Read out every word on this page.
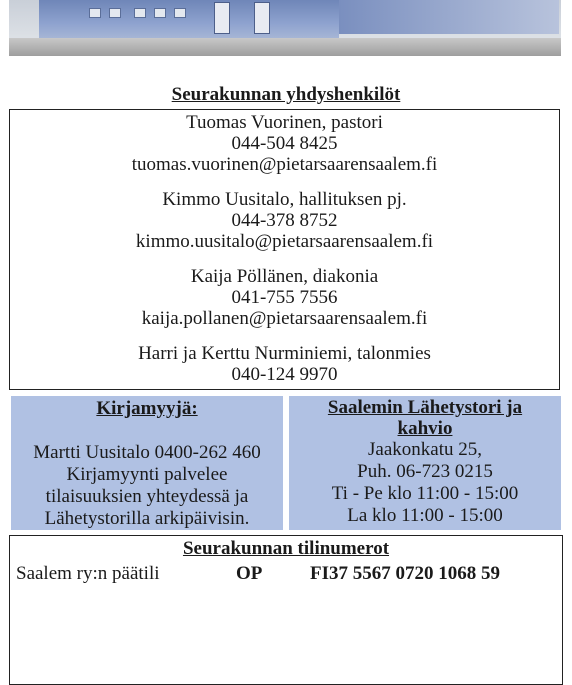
Seurakunnan yhdyshenkilöt
Tuomas Vuorinen, pastori
044-504 8425
tuomas.vuorinen@pietarsaarensaalem.fi
Kimmo Uusitalo, hallituksen pj.
044-378 8752
kimmo.uusitalo@pietarsaarensaalem.fi
Kaija Pöllänen, diakonia
041-755 7556
kaija.pollanen@pietarsaarensaalem.fi
Harri ja Kerttu Nurminiemi, talonmies
040-124 9970
Kirjamyyjä:
Martti Uusitalo 0400-262 460
Kirjamyynti palvelee
tilaisuuksien yhteydessä ja
Lähetystorilla arkipäivisin.
Saalemin Lähetystori ja
kahvio
Jaakonkatu 25,
Puh. 06-723 0215
Ti - Pe klo 11:00 - 15:00
La klo 11:00 - 15:00
Seurakunnan tilinumerot
Saalem ry:n päätili	OP	FI37 5567 0720 1068 59
